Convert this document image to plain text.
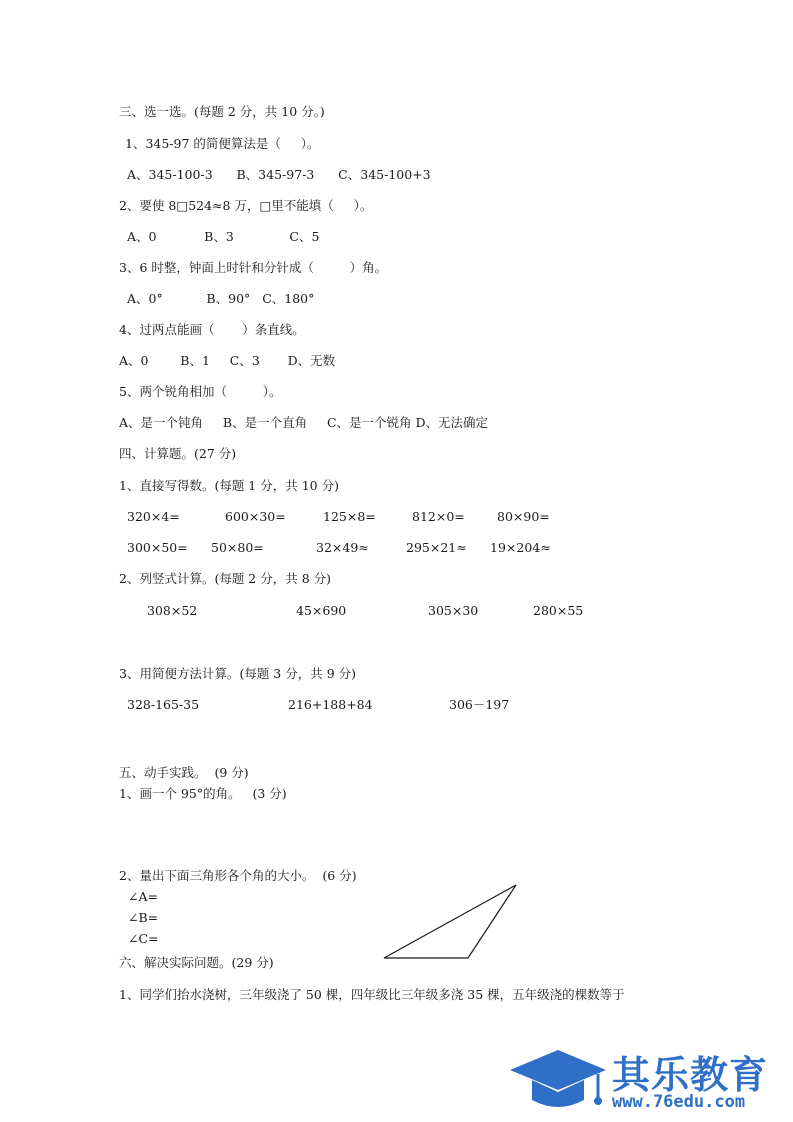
三、选一选。(每题 2 分，共 10 分。)
1、345-97 的简便算法是（     ）。
A、345-100-3      B、345-97-3      C、345-100+3
2、要使 8□524≈8 万，□里不能填（     ）。
A、0            B、3              C、5
3、6 时整，钟面上时针和分针成（         ）角。
A、0°           B、90°   C、180°
4、过两点能画（       ）条直线。
A、0        B、1     C、3       D、无数
5、两个锐角相加（         ）。
A、是一个钝角     B、是一个直角     C、是一个锐角 D、无法确定
四、计算题。(27 分)
1、直接写得数。(每题 1 分，共 10 分)
320×4=	600×30=	125×8=	812×0=	80×90=
300×50= 50×80=	32×49≈	295×21≈ 19×204≈
2、列竖式计算。(每题 2 分，共 8 分)
308×52	45×690	305×30	280×55
3、用简便方法计算。(每题 3 分，共 9 分)
328-165-35	216+188+84	306－197
五、动手实践。  (9 分)
1、画一个 95°的角。   (3 分)
2、量出下面三角形各个角的大小。  (6 分)
∠A=
∠B=
∠C=
六、解决实际问题。(29 分)
1、同学们抬水浇树，三年级浇了 50 棵，四年级比三年级多浇 35 棵，五年级浇的棵数等于
其乐教育
www.76edu.com
